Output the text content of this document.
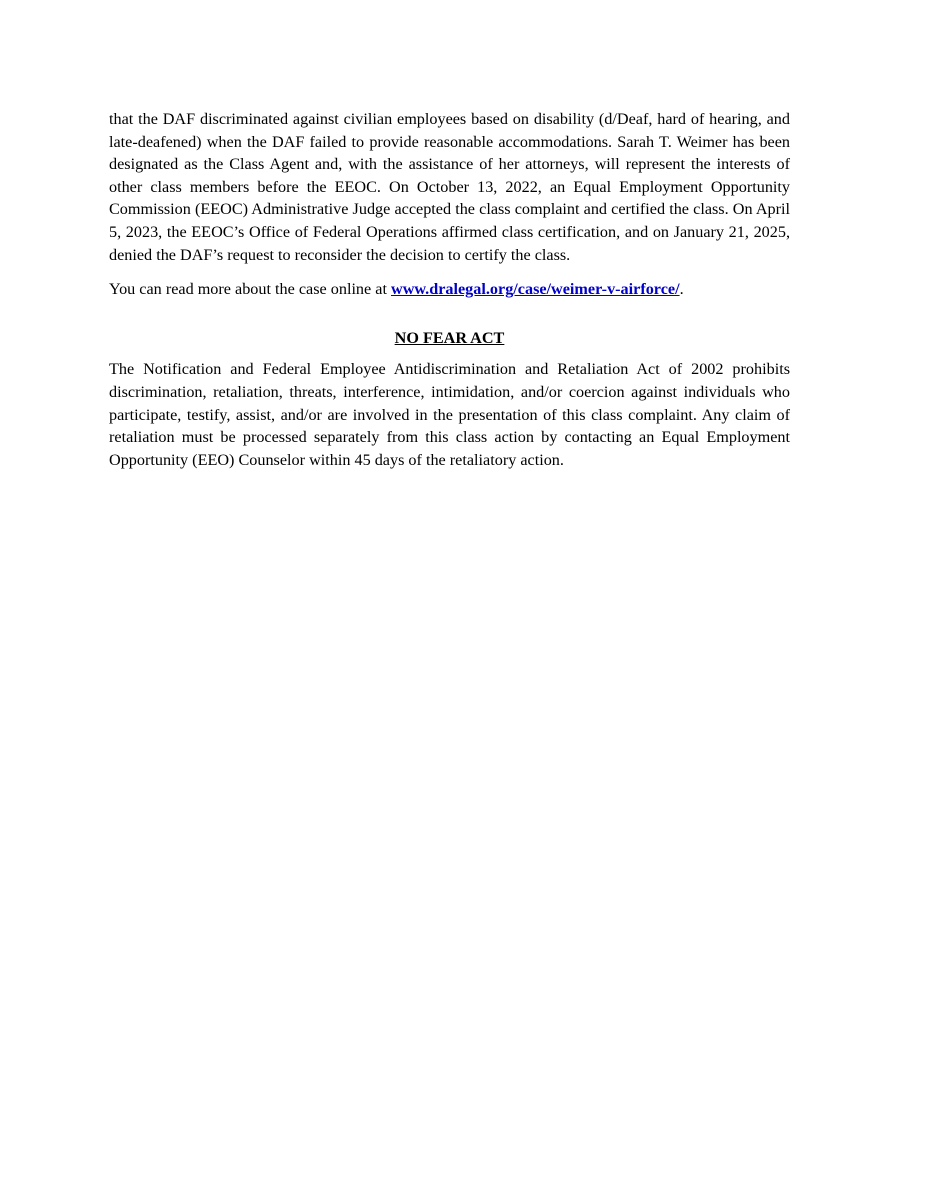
that the DAF discriminated against civilian employees based on disability (d/Deaf, hard of hearing, and late-deafened) when the DAF failed to provide reasonable accommodations. Sarah T. Weimer has been designated as the Class Agent and, with the assistance of her attorneys, will represent the interests of other class members before the EEOC. On October 13, 2022, an Equal Employment Opportunity Commission (EEOC) Administrative Judge accepted the class complaint and certified the class. On April 5, 2023, the EEOC’s Office of Federal Operations affirmed class certification, and on January 21, 2025, denied the DAF’s request to reconsider the decision to certify the class.

You can read more about the case online at www.dralegal.org/case/weimer-v-airforce/.

NO FEAR ACT

The Notification and Federal Employee Antidiscrimination and Retaliation Act of 2002 prohibits discrimination, retaliation, threats, interference, intimidation, and/or coercion against individuals who participate, testify, assist, and/or are involved in the presentation of this class complaint. Any claim of retaliation must be processed separately from this class action by contacting an Equal Employment Opportunity (EEO) Counselor within 45 days of the retaliatory action.
